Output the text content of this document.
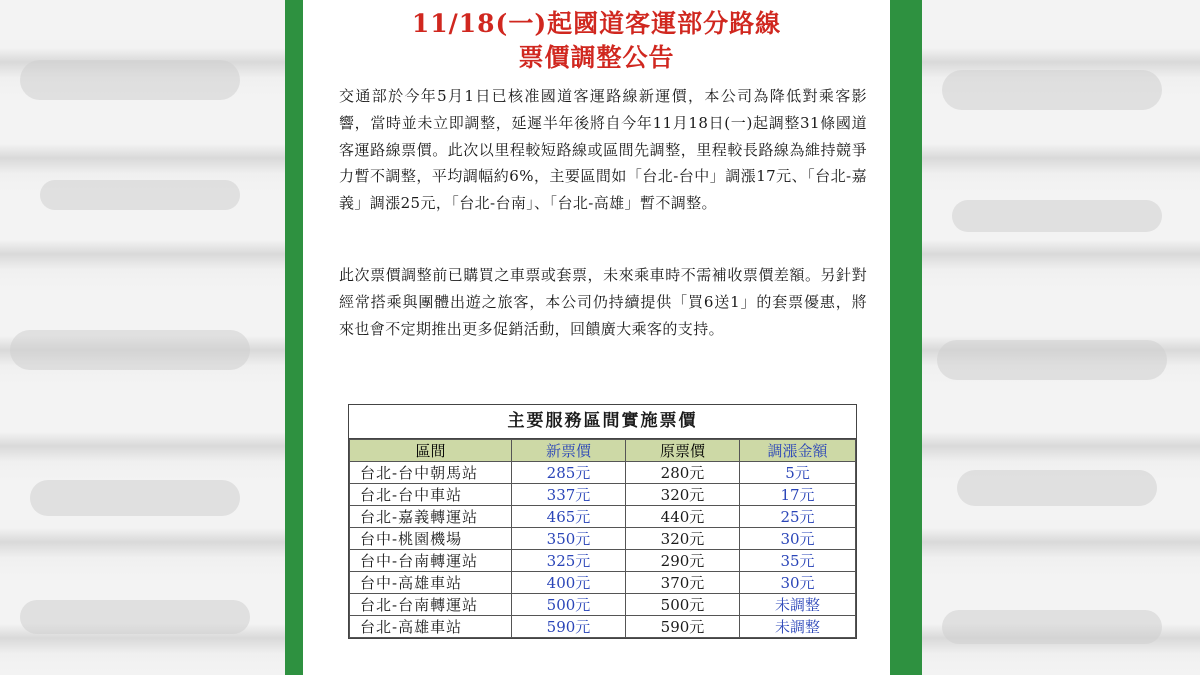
11/18(一)起國道客運部分路線
票價調整公告
交通部於今年5月1日已核准國道客運路線新運價，本公司為降低對乘客影響，當時並未立即調整，延遲半年後將自今年11月18日(一)起調整31條國道客運路線票價。此次以里程較短路線或區間先調整，里程較長路線為維持競爭力暫不調整，平均調幅約6%，主要區間如「台北-台中」調漲17元、「台北-嘉義」調漲25元，「台北-台南」、「台北-高雄」暫不調整。
此次票價調整前已購買之車票或套票，未來乘車時不需補收票價差額。另針對經常搭乘與團體出遊之旅客，本公司仍持續提供「買6送1」的套票優惠，將來也會不定期推出更多促銷活動，回饋廣大乘客的支持。
主要服務區間實施票價
區間	新票價	原票價	調漲金額
台北-台中朝馬站	285元	280元	5元
台北-台中車站	337元	320元	17元
台北-嘉義轉運站	465元	440元	25元
台中-桃園機場	350元	320元	30元
台中-台南轉運站	325元	290元	35元
台中-高雄車站	400元	370元	30元
台北-台南轉運站	500元	500元	未調整
台北-高雄車站	590元	590元	未調整
